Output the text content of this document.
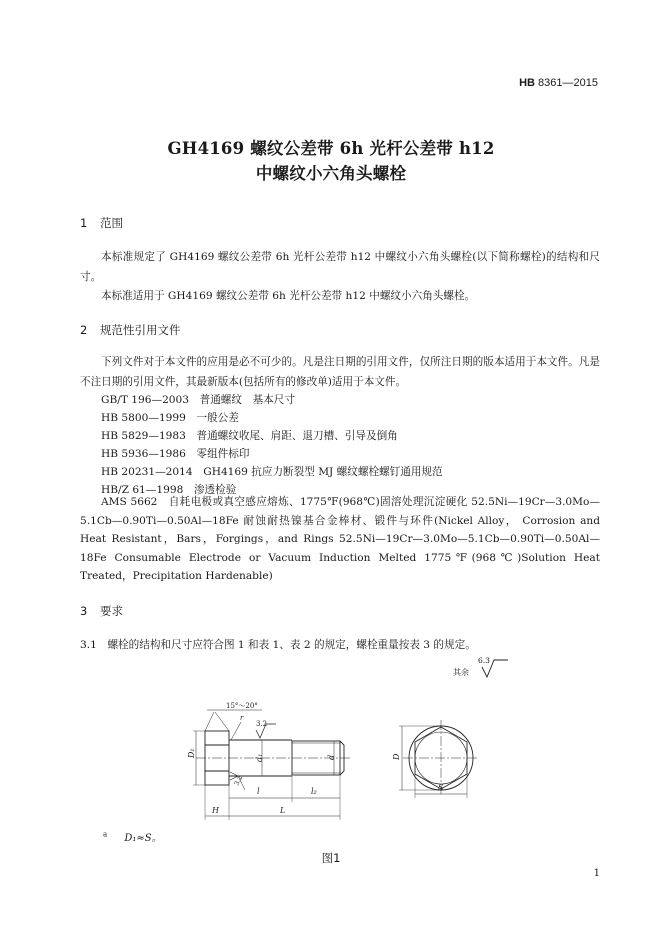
HB 8361—2015
GH4169 螺纹公差带 6h 光杆公差带 h12
中螺纹小六角头螺栓
1 范围
本标准规定了 GH4169 螺纹公差带 6h 光杆公差带 h12 中螺纹小六角头螺栓(以下简称螺栓)的结构和尺寸。
本标准适用于 GH4169 螺纹公差带 6h 光杆公差带 h12 中螺纹小六角头螺栓。
2 规范性引用文件
下列文件对于本文件的应用是必不可少的。凡是注日期的引用文件，仅所注日期的版本适用于本文件。凡是不注日期的引用文件，其最新版本(包括所有的修改单)适用于本文件。
GB/T 196—2003　普通螺纹　基本尺寸
HB 5800—1999　一般公差
HB 5829—1983　普通螺纹收尾、肩距、退刀槽、引导及倒角
HB 5936—1986　零组件标印
HB 20231—2014　GH4169 抗应力断裂型 MJ 螺纹螺栓螺钉通用规范
HB/Z 61—1998　渗透检验
AMS 5662　自耗电极或真空感应熔炼、1775℉(968℃)固溶处理沉淀硬化 52.5Ni—19Cr—3.0Mo—5.1Cb—0.90Ti—0.50Al—18Fe 耐蚀耐热镍基合金棒材、锻件与环件(Nickel Alloy， Corrosion and Heat Resistant，Bars，Forgings，and Rings 52.5Ni—19Cr—3.0Mo—5.1Cb—0.90Ti—0.50Al—18Fe Consumable Electrode or Vacuum Induction Melted 1775℉(968℃)Solution Heat Treated，Precipitation Hardenable)
3 要求
3.1　螺栓的结构和尺寸应符合图 1 和表 1、表 2 的规定，螺栓重量按表 3 的规定。
其余
6.3
15°～20°
r
3.2
3.2
D₁	d₁	d	D
l	l₂
H	L
S
$^a$ D₁≈S。
图1
1
